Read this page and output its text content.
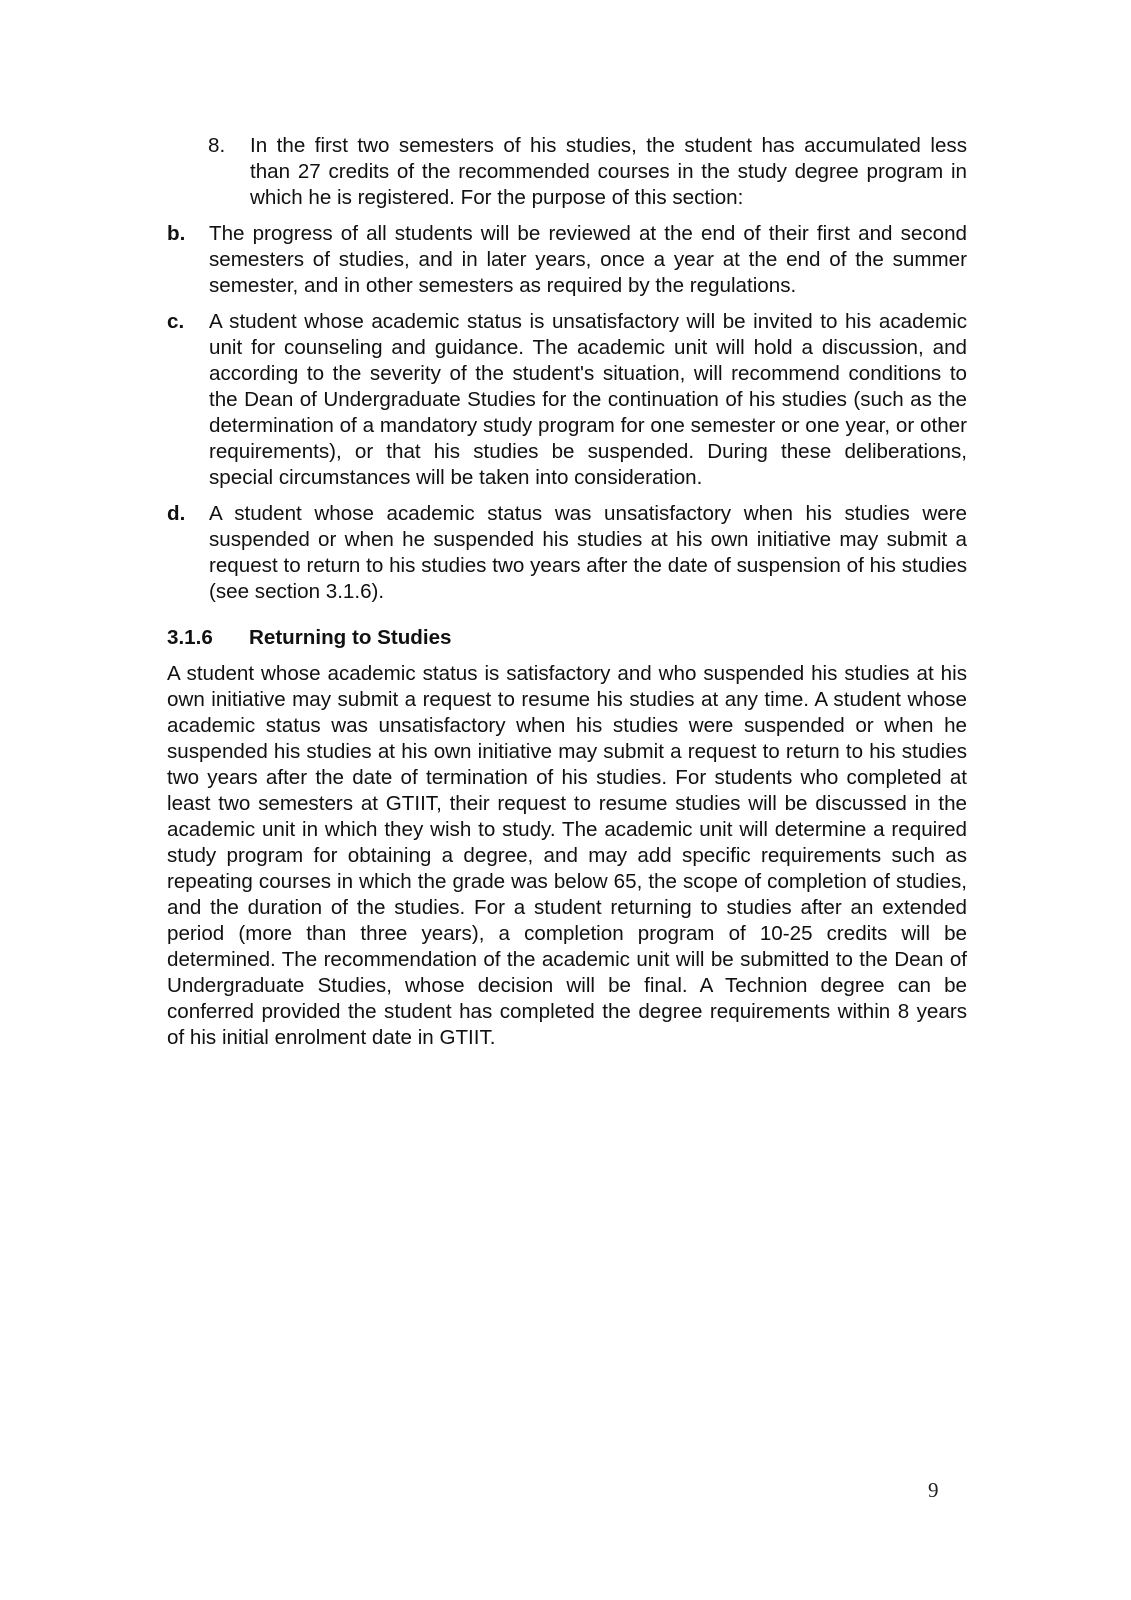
8. In the first two semesters of his studies, the student has accumulated less than 27 credits of the recommended courses in the study degree program in which he is registered. For the purpose of this section:
b. The progress of all students will be reviewed at the end of their first and second semesters of studies, and in later years, once a year at the end of the summer semester, and in other semesters as required by the regulations.
c. A student whose academic status is unsatisfactory will be invited to his academic unit for counseling and guidance. The academic unit will hold a discussion, and according to the severity of the student's situation, will recommend conditions to the Dean of Undergraduate Studies for the continuation of his studies (such as the determination of a mandatory study program for one semester or one year, or other requirements), or that his studies be suspended. During these deliberations, special circumstances will be taken into consideration.
d. A student whose academic status was unsatisfactory when his studies were suspended or when he suspended his studies at his own initiative may submit a request to return to his studies two years after the date of suspension of his studies (see section 3.1.6).
3.1.6 Returning to Studies
A student whose academic status is satisfactory and who suspended his studies at his own initiative may submit a request to resume his studies at any time. A student whose academic status was unsatisfactory when his studies were suspended or when he suspended his studies at his own initiative may submit a request to return to his studies two years after the date of termination of his studies. For students who completed at least two semesters at GTIIT, their request to resume studies will be discussed in the academic unit in which they wish to study. The academic unit will determine a required study program for obtaining a degree, and may add specific requirements such as repeating courses in which the grade was below 65, the scope of completion of studies, and the duration of the studies. For a student returning to studies after an extended period (more than three years), a completion program of 10-25 credits will be determined. The recommendation of the academic unit will be submitted to the Dean of Undergraduate Studies, whose decision will be final. A Technion degree can be conferred provided the student has completed the degree requirements within 8 years of his initial enrolment date in GTIIT.
9
